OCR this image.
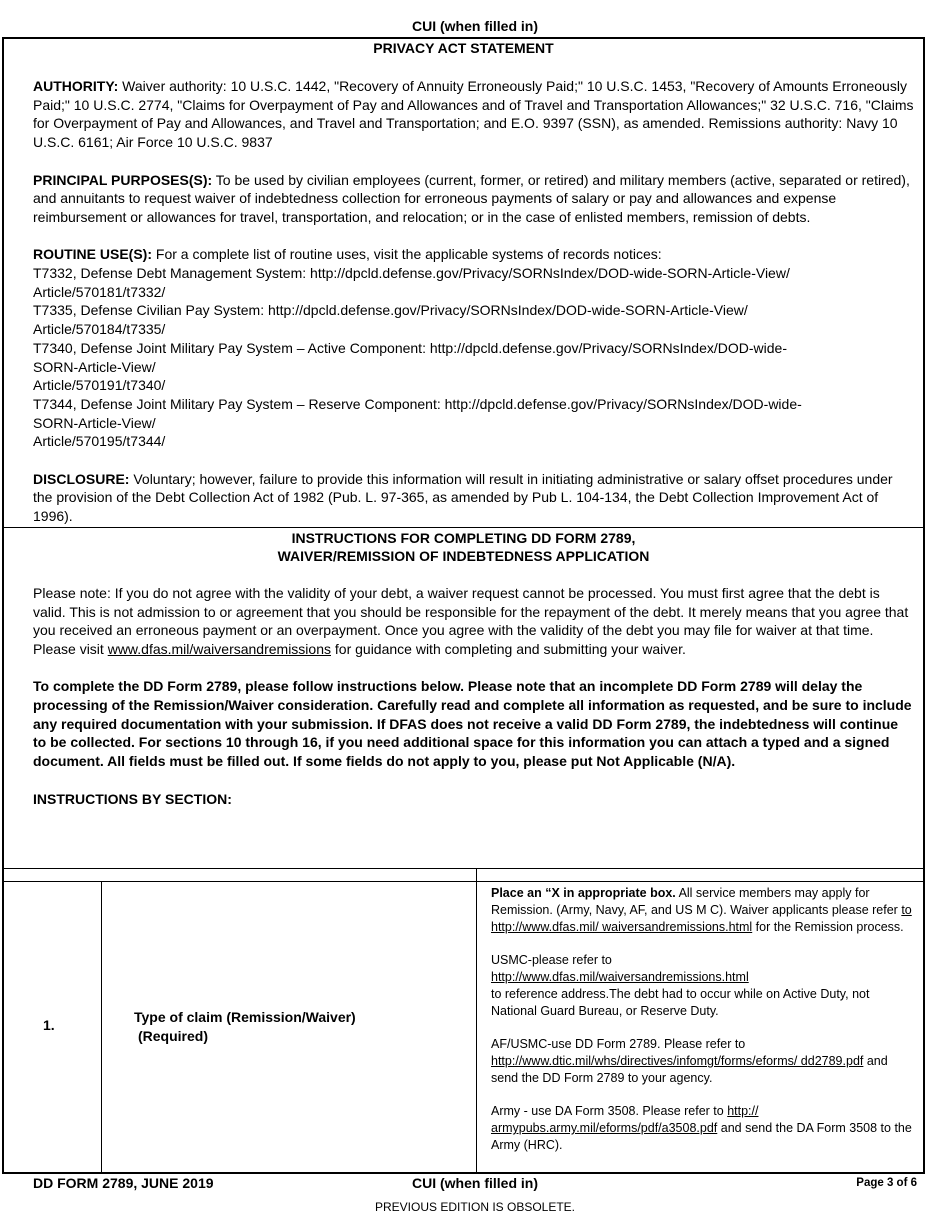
CUI (when filled in)
PRIVACY ACT STATEMENT

AUTHORITY: Waiver authority: 10 U.S.C. 1442, "Recovery of Annuity Erroneously Paid;" 10 U.S.C. 1453, "Recovery of Amounts Erroneously Paid;" 10 U.S.C. 2774, "Claims for Overpayment of Pay and Allowances and of Travel and Transportation Allowances;" 32 U.S.C. 716, "Claims for Overpayment of Pay and Allowances, and Travel and Transportation; and E.O. 9397 (SSN), as amended. Remissions authority: Navy 10 U.S.C. 6161; Air Force 10 U.S.C. 9837

PRINCIPAL PURPOSES(S): To be used by civilian employees (current, former, or retired) and military members (active, separated or retired), and annuitants to request waiver of indebtedness collection for erroneous payments of salary or pay and allowances and expense reimbursement or allowances for travel, transportation, and relocation; or in the case of enlisted members, remission of debts.

ROUTINE USE(S): For a complete list of routine uses, visit the applicable systems of records notices:

T7332, Defense Debt Management System: http://dpcld.defense.gov/Privacy/SORNsIndex/DOD-wide-SORN-Article-View/
Article/570181/t7332/
T7335, Defense Civilian Pay System: http://dpcld.defense.gov/Privacy/SORNsIndex/DOD-wide-SORN-Article-View/
Article/570184/t7335/
T7340, Defense Joint Military Pay System – Active Component: http://dpcld.defense.gov/Privacy/SORNsIndex/DOD-wide-
SORN-Article-View/
Article/570191/t7340/
T7344, Defense Joint Military Pay System – Reserve Component: http://dpcld.defense.gov/Privacy/SORNsIndex/DOD-wide-
SORN-Article-View/
Article/570195/t7344/

DISCLOSURE: Voluntary; however, failure to provide this information will result in initiating administrative or salary offset procedures under the provision of the Debt Collection Act of 1982 (Pub. L. 97-365, as amended by Pub L. 104-134, the Debt Collection Improvement Act of 1996).

INSTRUCTIONS FOR COMPLETING DD FORM 2789,
WAIVER/REMISSION OF INDEBTEDNESS APPLICATION

Please note: If you do not agree with the validity of your debt, a waiver request cannot be processed. You must first agree that the debt is valid. This is not admission to or agreement that you should be responsible for the repayment of the debt. It merely means that you agree that you received an erroneous payment or an overpayment. Once you agree with the validity of the debt you may file for waiver at that time. Please visit www.dfas.mil/waiversandremissions for guidance with completing and submitting your waiver.

To complete the DD Form 2789, please follow instructions below. Please note that an incomplete DD Form 2789 will delay the processing of the Remission/Waiver consideration. Carefully read and complete all information as requested, and be sure to include any required documentation with your submission. If DFAS does not receive a valid DD Form 2789, the indebtedness will continue to be collected. For sections 10 through 16, if you need additional space for this information you can attach a typed and a signed document. All fields must be filled out. If some fields do not apply to you, please put Not Applicable (N/A).

INSTRUCTIONS BY SECTION:

1.	Type of claim (Remission/Waiver)
(Required)

Place an “X in appropriate box. All service members may apply for Remission. (Army, Navy, AF, and US M C). Waiver applicants please refer to http://www.dfas.mil/ waiversandremissions.html for the Remission process.

USMC-please refer to
http://www.dfas.mil/waiversandremissions.html
to reference address.The debt had to occur while on Active Duty, not National Guard Bureau, or Reserve Duty.

AF/USMC-use DD Form 2789. Please refer to
http://www.dtic.mil/whs/directives/infomgt/forms/eforms/ dd2789.pdf and send the DD Form 2789 to your agency.

Army - use DA Form 3508. Please refer to http:// armypubs.army.mil/eforms/pdf/a3508.pdf and send the DA Form 3508 to the Army (HRC).

DD FORM 2789, JUNE 2019	CUI (when filled in)	Page 3 of 6
PREVIOUS EDITION IS OBSOLETE.
